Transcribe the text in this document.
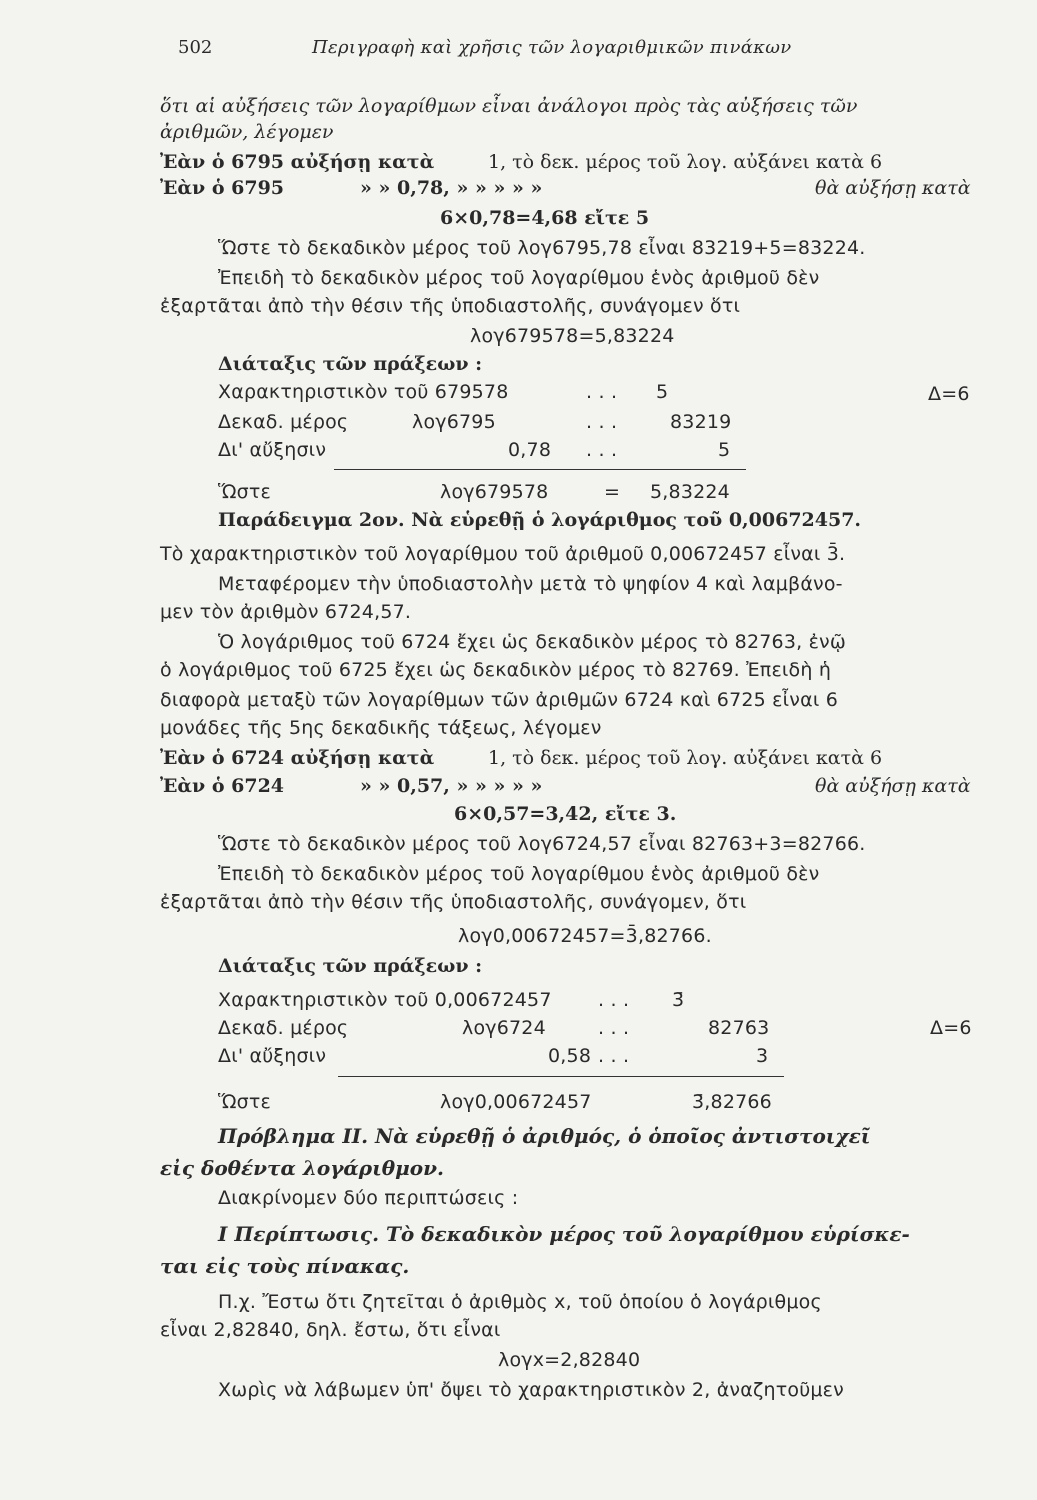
502	Περιγραφὴ καὶ χρῆσις τῶν λογαριθμικῶν πινάκων
ὅτι αἱ αὐξήσεις τῶν λογαρίθμων εἶναι ἀνάλογοι πρὸς τὰς αὐξήσεις τῶν
ἀριθμῶν, λέγομεν
Ἐὰν ὁ 6795 αὐξήσῃ κατὰ	1, τὸ δεκ. μέρος τοῦ λογ. αὐξάνει κατὰ 6
Ἐὰν ὁ 6795	» » 0,78, » » » » »	θὰ αὐξήσῃ κατὰ
6×0,78=4,68 εἴτε 5
Ὥστε τὸ δεκαδικὸν μέρος τοῦ λογ6795,78 εἶναι 83219+5=83224.
Ἐπειδὴ τὸ δεκαδικὸν μέρος τοῦ λογαρίθμου ἑνὸς ἀριθμοῦ δὲν
ἐξαρτᾶται ἀπὸ τὴν θέσιν τῆς ὑποδιαστολῆς, συνάγομεν ὅτι
λογ679578=5,83224
Διάταξις τῶν πράξεων :
Χαρακτηριστικὸν τοῦ 679578	. . . 5	Δ=6
Δεκαδ. μέρος	λογ6795	. . .	83219
Δι' αὔξησιν	0,78 . . .	5
Ὥστε	λογ679578	= 5,83224
Παράδειγμα 2ον. Νὰ εὑρεθῇ ὁ λογάριθμος τοῦ 0,00672457.
Τὸ χαρακτηριστικὸν τοῦ λογαρίθμου τοῦ ἀριθμοῦ 0,00672457 εἶναι 3̄.
Μεταφέρομεν τὴν ὑποδιαστολὴν μετὰ τὸ ψηφίον 4 καὶ λαμβάνο-
μεν τὸν ἀριθμὸν 6724,57.
Ὁ λογάριθμος τοῦ 6724 ἔχει ὡς δεκαδικὸν μέρος τὸ 82763, ἐνῷ
ὁ λογάριθμος τοῦ 6725 ἔχει ὡς δεκαδικὸν μέρος τὸ 82769. Ἐπειδὴ ἡ
διαφορὰ μεταξὺ τῶν λογαρίθμων τῶν ἀριθμῶν 6724 καὶ 6725 εἶναι 6
μονάδες τῆς 5ης δεκαδικῆς τάξεως, λέγομεν
Ἐὰν ὁ 6724 αὐξήσῃ κατὰ	1, τὸ δεκ. μέρος τοῦ λογ. αὐξάνει κατὰ 6
Ἐὰν ὁ 6724	» » 0,57, » » » » »	θὰ αὐξήσῃ κατὰ
6×0,57=3,42, εἴτε 3.
Ὥστε τὸ δεκαδικὸν μέρος τοῦ λογ6724,57 εἶναι 82763+3=82766.
Ἐπειδὴ τὸ δεκαδικὸν μέρος τοῦ λογαρίθμου ἑνὸς ἀριθμοῦ δὲν
ἐξαρτᾶται ἀπὸ τὴν θέσιν τῆς ὑποδιαστολῆς, συνάγομεν, ὅτι
λογ0,00672457=3̄,82766.
Διάταξις τῶν πράξεων :
Χαρακτηριστικὸν τοῦ 0,00672457 . . . 3̄
Δεκαδ. μέρος	λογ6724	. . .	82763	Δ=6
Δι' αὔξησιν	0,58 . . .	3
Ὥστε	λογ0,00672457	3̄,82766
Πρόβλημα ΙΙ. Νὰ εὑρεθῇ ὁ ἀριθμός, ὁ ὁποῖος ἀντιστοιχεῖ
εἰς δοθέντα λογάριθμον.
Διακρίνομεν δύο περιπτώσεις :
Ι Περίπτωσις. Τὸ δεκαδικὸν μέρος τοῦ λογαρίθμου εὑρίσκε-
ται εἰς τοὺς πίνακας.
Π.χ. Ἔστω ὅτι ζητεῖται ὁ ἀριθμὸς x, τοῦ ὁποίου ὁ λογάριθμος
εἶναι 2,82840, δηλ. ἔστω, ὅτι εἶναι
λογx=2,82840
Χωρὶς νὰ λάβωμεν ὑπ' ὄψει τὸ χαρακτηριστικὸν 2, ἀναζητοῦμεν
